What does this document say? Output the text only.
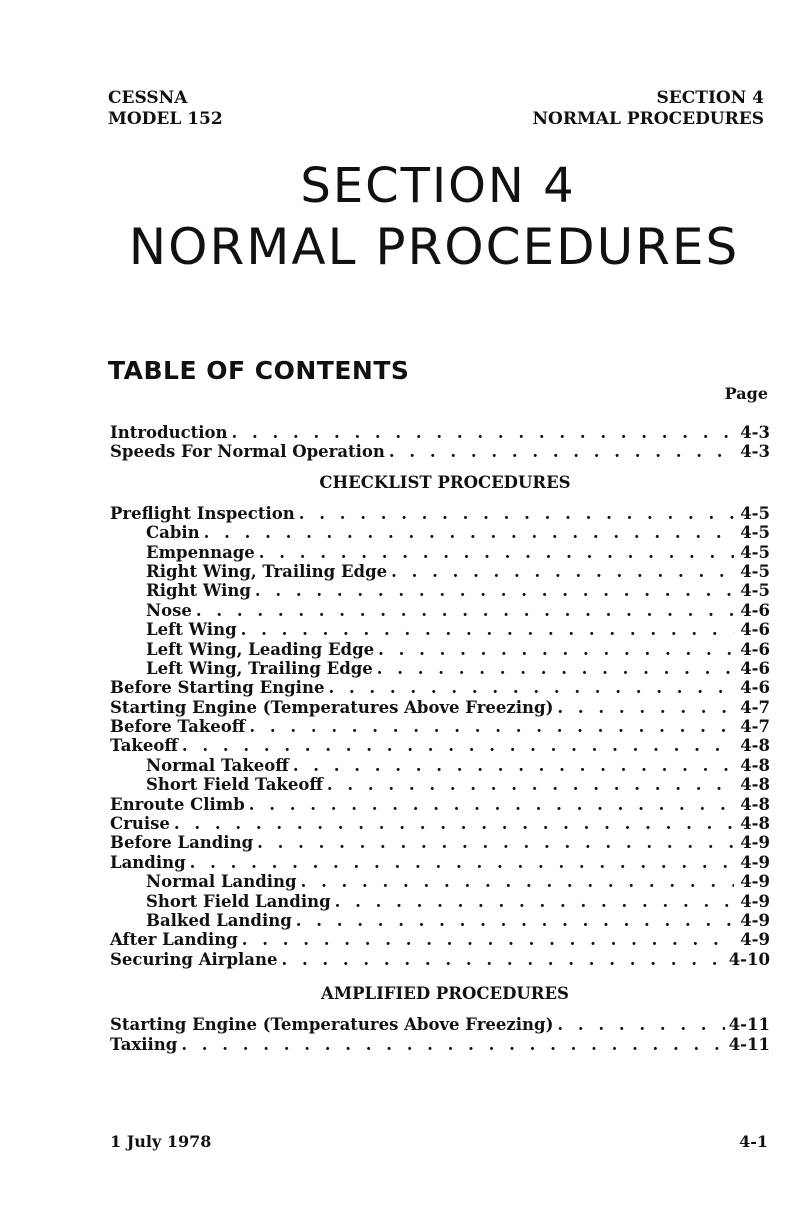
CESSNA
MODEL 152
SECTION 4
NORMAL PROCEDURES
SECTION 4
NORMAL PROCEDURES
TABLE OF CONTENTS
Page
Introduction . . .	4-3
Speeds For Normal Operation . . .	4-3
CHECKLIST PROCEDURES
Preflight Inspection . . .	4-5
Cabin . . .	4-5
Empennage . . .	4-5
Right Wing, Trailing Edge . . .	4-5
Right Wing . . .	4-5
Nose . . .	4-6
Left Wing . . .	4-6
Left Wing, Leading Edge . . .	4-6
Left Wing, Trailing Edge . . .	4-6
Before Starting Engine . . .	4-6
Starting Engine (Temperatures Above Freezing) . . .	4-7
Before Takeoff . . .	4-7
Takeoff . . .	4-8
Normal Takeoff . . .	4-8
Short Field Takeoff . . .	4-8
Enroute Climb . . .	4-8
Cruise . . .	4-8
Before Landing . . .	4-9
Landing . . .	4-9
Normal Landing . . .	4-9
Short Field Landing . . .	4-9
Balked Landing . . .	4-9
After Landing . . .	4-9
Securing Airplane . . .	4-10
AMPLIFIED PROCEDURES
Starting Engine (Temperatures Above Freezing) . . .	4-11
Taxiing . . .	4-11
1 July 1978	4-1
